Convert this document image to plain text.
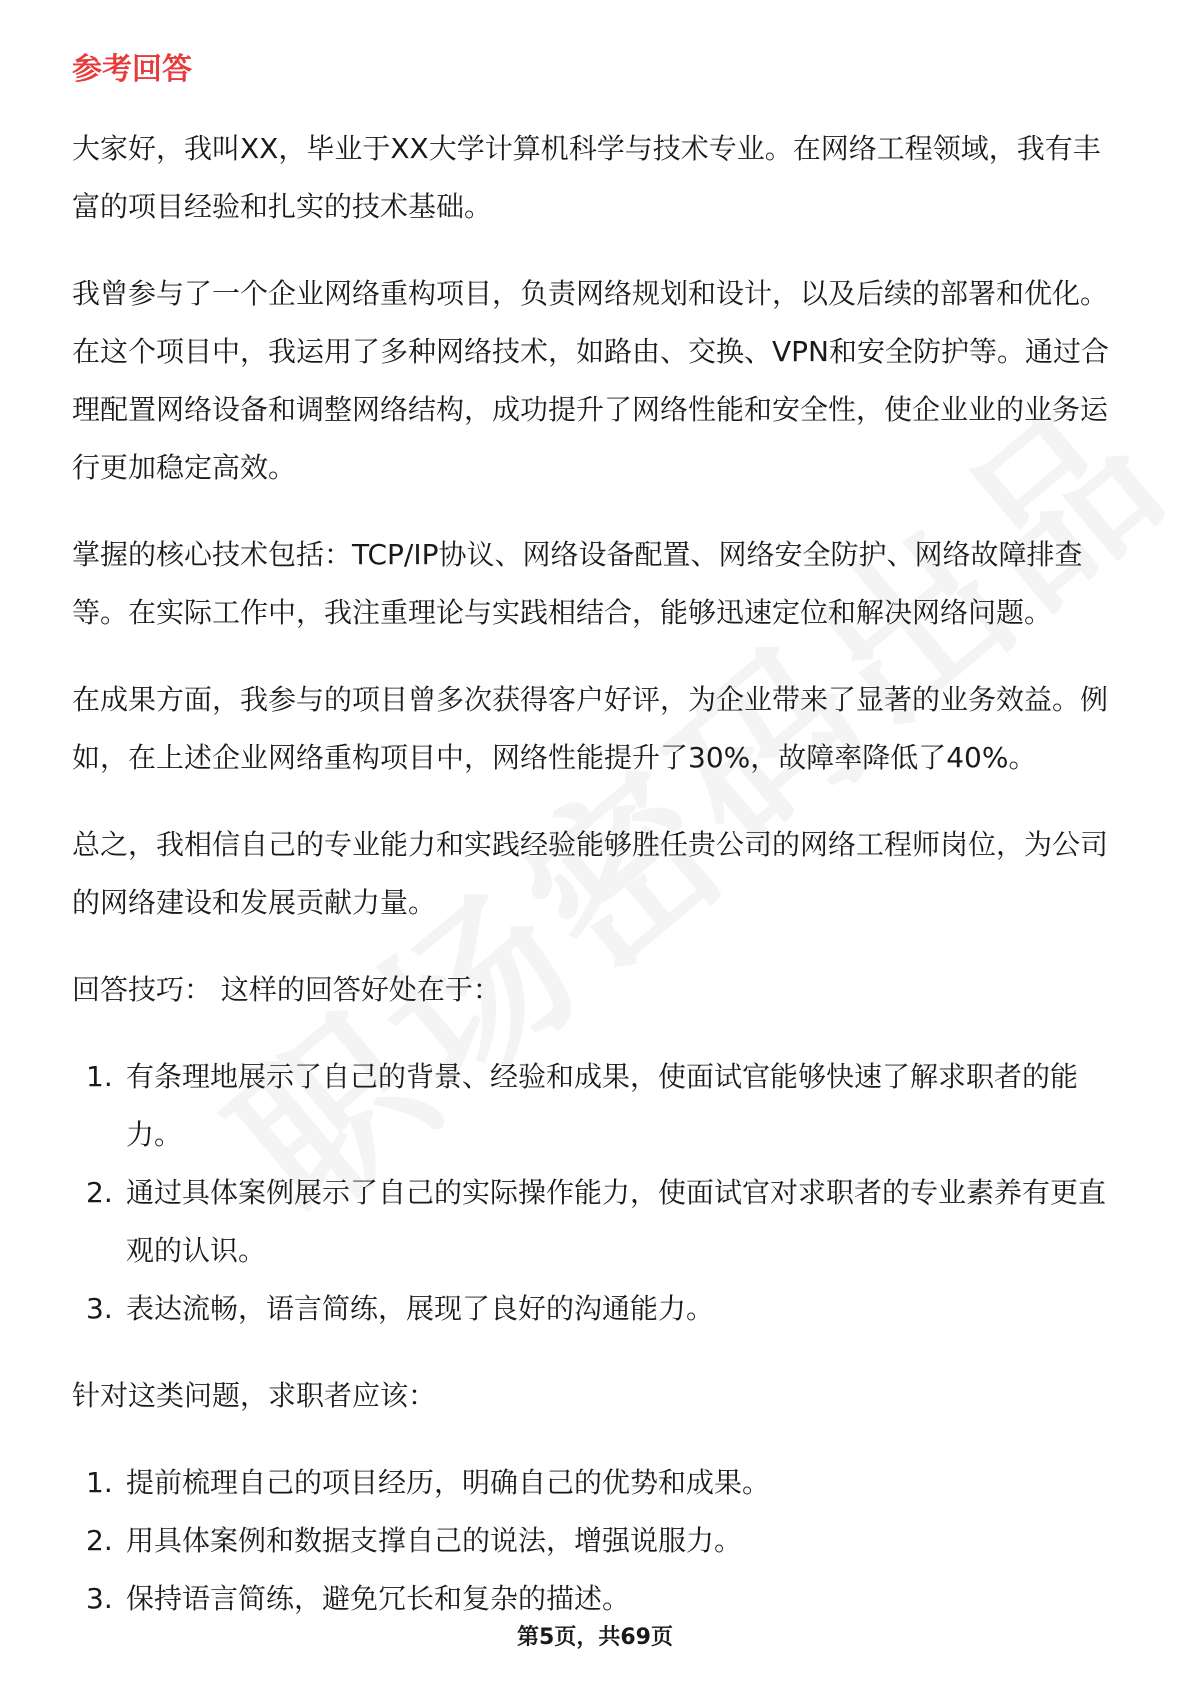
参考回答

大家好，我叫XX，毕业于XX大学计算机科学与技术专业。在网络工程领域，我有丰富的项目经验和扎实的技术基础。

我曾参与了一个企业网络重构项目，负责网络规划和设计，以及后续的部署和优化。在这个项目中，我运用了多种网络技术，如路由、交换、VPN和安全防护等。通过合理配置网络设备和调整网络结构，成功提升了网络性能和安全性，使企业业的业务运行更加稳定高效。

掌握的核心技术包括：TCP/IP协议、网络设备配置、网络安全防护、网络故障排查等。在实际工作中，我注重理论与实践相结合，能够迅速定位和解决网络问题。

在成果方面，我参与的项目曾多次获得客户好评，为企业带来了显著的业务效益。例如，在上述企业网络重构项目中，网络性能提升了30%，故障率降低了40%。

总之，我相信自己的专业能力和实践经验能够胜任贵公司的网络工程师岗位，为公司的网络建设和发展贡献力量。

回答技巧： 这样的回答好处在于：

1. 有条理地展示了自己的背景、经验和成果，使面试官能够快速了解求职者的能力。
2. 通过具体案例展示了自己的实际操作能力，使面试官对求职者的专业素养有更直观的认识。
3. 表达流畅，语言简练，展现了良好的沟通能力。

针对这类问题，求职者应该：

1. 提前梳理自己的项目经历，明确自己的优势和成果。
2. 用具体案例和数据支撑自己的说法，增强说服力。
3. 保持语言简练，避免冗长和复杂的描述。
第5页，共69页
